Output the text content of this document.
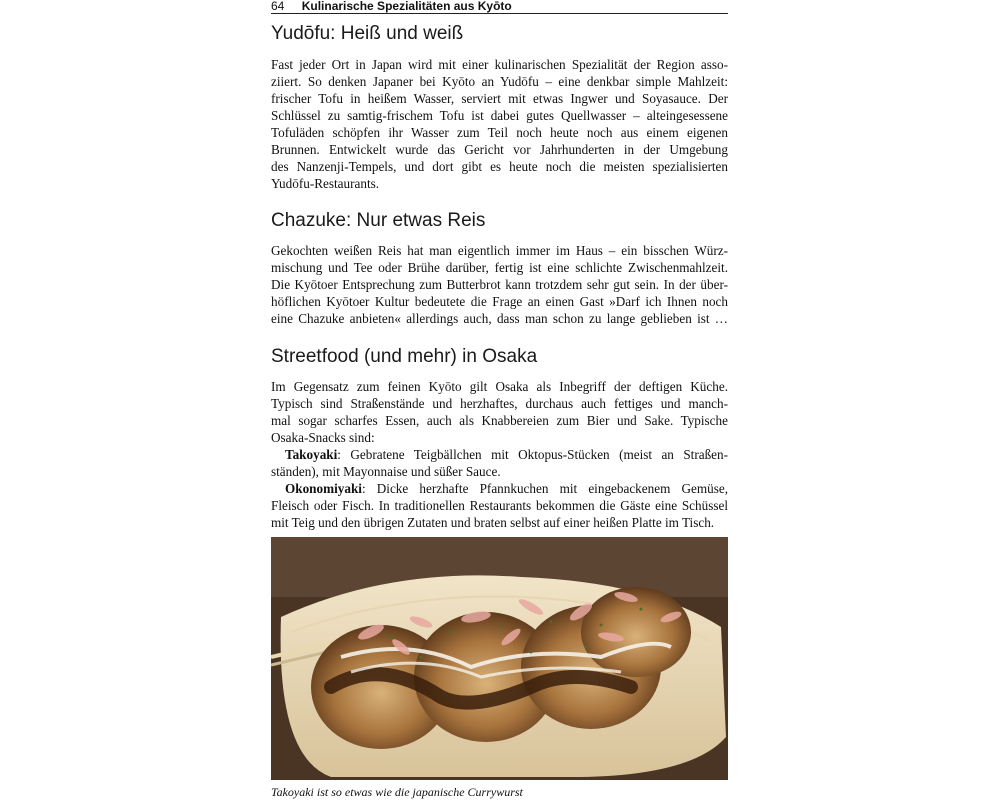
64 Kulinarische Spezialitäten aus Kyōto
Yudōfu: Heiß und weiß
Fast jeder Ort in Japan wird mit einer kulinarischen Spezialität der Region asso-
ziiert. So denken Japaner bei Kyōto an Yudōfu – eine denkbar simple Mahlzeit:
frischer Tofu in heißem Wasser, serviert mit etwas Ingwer und Soyasauce. Der
Schlüssel zu samtig-frischem Tofu ist dabei gutes Quellwasser – alteingesessene
Tofuläden schöpfen ihr Wasser zum Teil noch heute noch aus einem eigenen
Brunnen. Entwickelt wurde das Gericht vor Jahrhunderten in der Umgebung
des Nanzenji-Tempels, und dort gibt es heute noch die meisten spezialisierten
Yudōfu-Restaurants.
Chazuke: Nur etwas Reis
Gekochten weißen Reis hat man eigentlich immer im Haus – ein bisschen Würz-
mischung und Tee oder Brühe darüber, fertig ist eine schlichte Zwischenmahlzeit.
Die Kyōtoer Entsprechung zum Butterbrot kann trotzdem sehr gut sein. In der über-
höflichen Kyōtoer Kultur bedeutete die Frage an einen Gast »Darf ich Ihnen noch
eine Chazuke anbieten« allerdings auch, dass man schon zu lange geblieben ist …
Streetfood (und mehr) in Osaka
Im Gegensatz zum feinen Kyōto gilt Osaka als Inbegriff der deftigen Küche.
Typisch sind Straßenstände und herzhaftes, durchaus auch fettiges und manch-
mal sogar scharfes Essen, auch als Knabbereien zum Bier und Sake. Typische
Osaka-Snacks sind:
Takoyaki: Gebratene Teigbällchen mit Oktopus-Stücken (meist an Straßen-
ständen), mit Mayonnaise und süßer Sauce.
Okonomiyaki: Dicke herzhafte Pfannkuchen mit eingebackenem Gemüse,
Fleisch oder Fisch. In traditionellen Restaurants bekommen die Gäste eine Schüssel
mit Teig und den übrigen Zutaten und braten selbst auf einer heißen Platte im Tisch.
Takoyaki ist so etwas wie die japanische Currywurst
